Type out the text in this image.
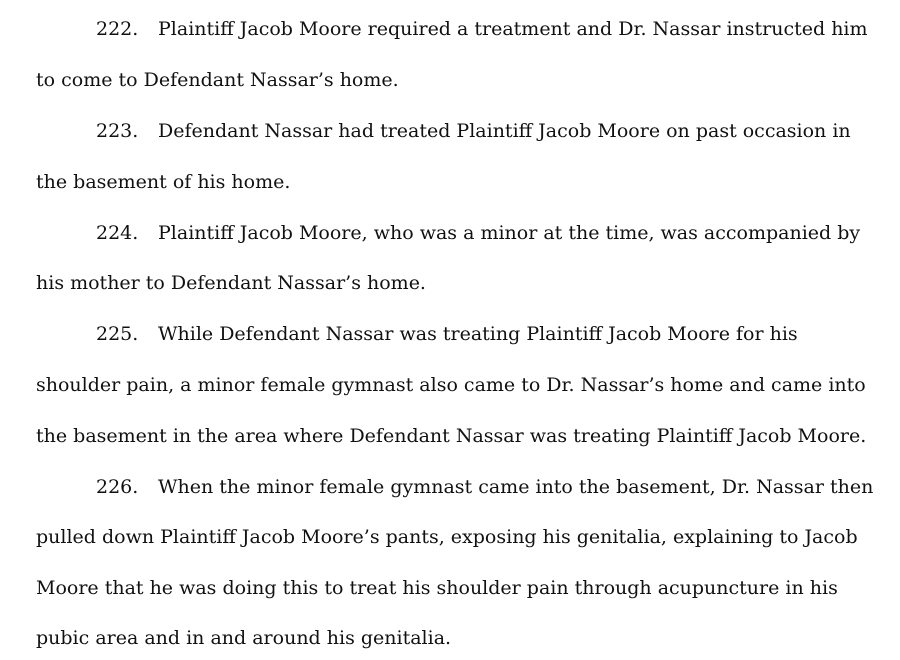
222. Plaintiff Jacob Moore required a treatment and Dr. Nassar instructed him
to come to Defendant Nassar’s home.
223. Defendant Nassar had treated Plaintiff Jacob Moore on past occasion in
the basement of his home.
224. Plaintiff Jacob Moore, who was a minor at the time, was accompanied by
his mother to Defendant Nassar’s home.
225. While Defendant Nassar was treating Plaintiff Jacob Moore for his
shoulder pain, a minor female gymnast also came to Dr. Nassar’s home and came into
the basement in the area where Defendant Nassar was treating Plaintiff Jacob Moore.
226. When the minor female gymnast came into the basement, Dr. Nassar then
pulled down Plaintiff Jacob Moore’s pants, exposing his genitalia, explaining to Jacob
Moore that he was doing this to treat his shoulder pain through acupuncture in his
pubic area and in and around his genitalia.
